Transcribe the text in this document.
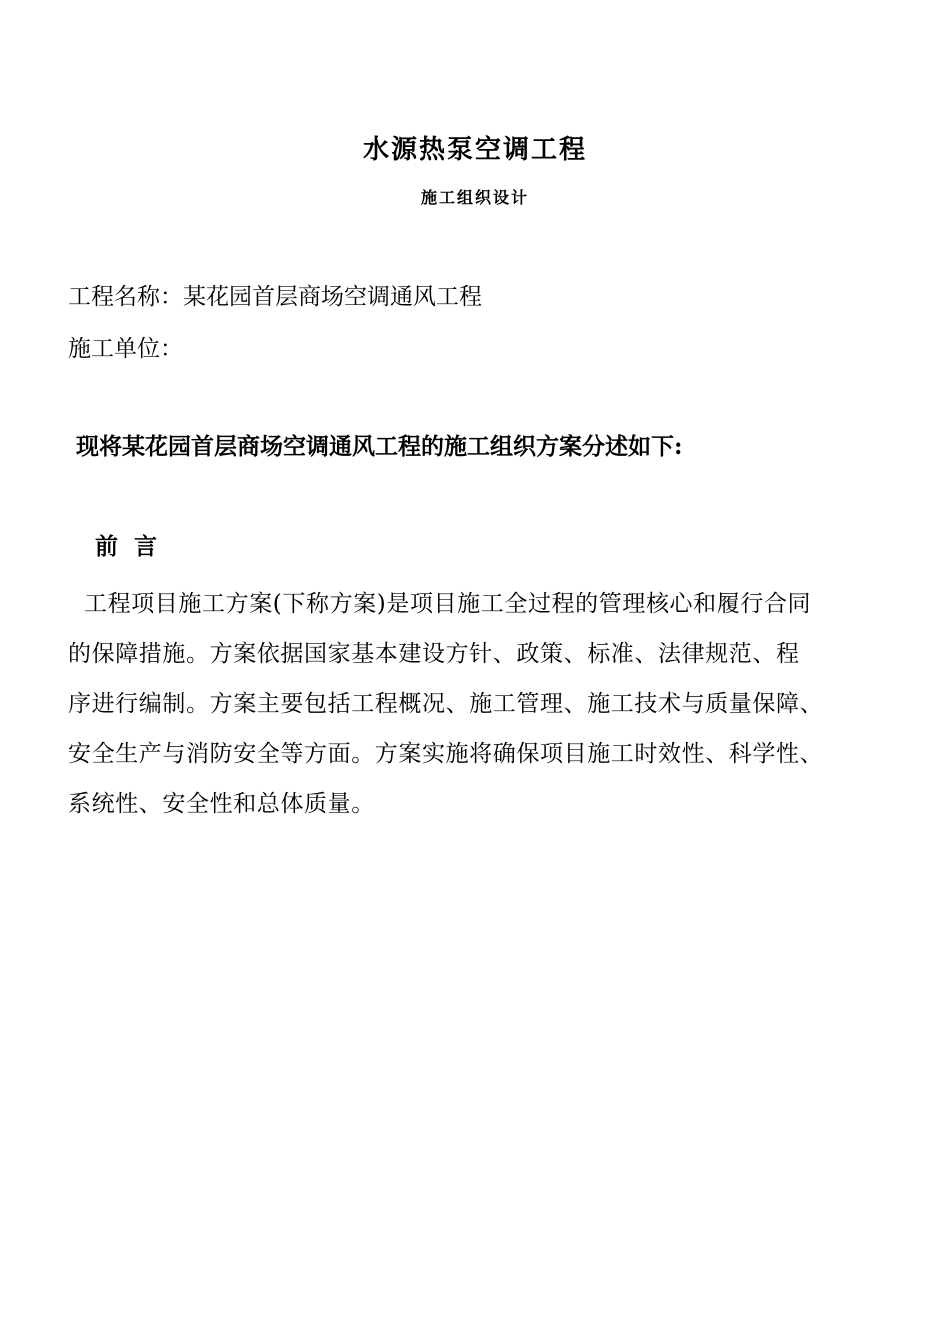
水源热泵空调工程
施工组织设计
工程名称：某花园首层商场空调通风工程
施工单位：
现将某花园首层商场空调通风工程的施工组织方案分述如下:
前言
工程项目施工方案(下称方案)是项目施工全过程的管理核心和履行合同
的保障措施。方案依据国家基本建设方针、政策、标准、法律规范、程
序进行编制。方案主要包括工程概况、施工管理、施工技术与质量保障、
安全生产与消防安全等方面。方案实施将确保项目施工时效性、科学性、
系统性、安全性和总体质量。
